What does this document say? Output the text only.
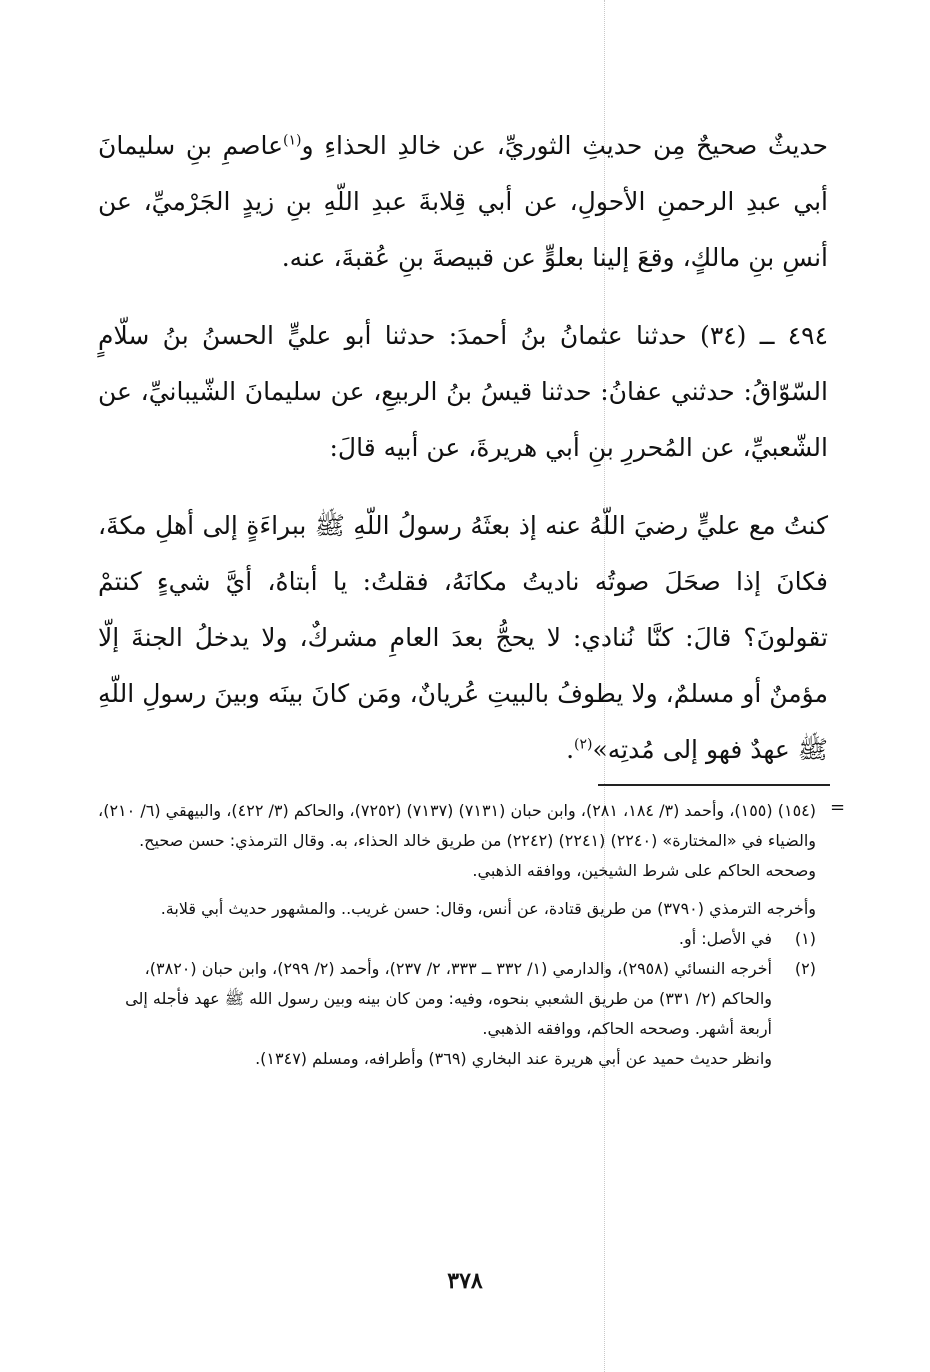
حديثٌ صحيحٌ مِن حديثِ الثوريِّ، عن خالدِ الحذاءِ و$^{(١)}$عاصمِ بنِ سليمانَ أبي عبدِ الرحمنِ الأحولِ، عن أبي قِلابةَ عبدِ اللّهِ بنِ زيدٍ الجَرْميِّ، عن أنسِ بنِ مالكٍ، وقعَ إلينا بعلوٍّ عن قبيصةَ بنِ عُقبةَ، عنه.

٤٩٤ ــ (٣٤) حدثنا عثمانُ بنُ أحمدَ: حدثنا أبو عليٍّ الحسنُ بنُ سلّامٍ السّوّاقُ: حدثني عفانُ: حدثنا قيسُ بنُ الربيعِ، عن سليمانَ الشّيبانيِّ، عن الشّعبيِّ، عن المُحررِ بنِ أبي هريرةَ، عن أبيه قالَ:

كنتُ مع عليٍّ رضيَ اللّهُ عنه إذ بعثَهُ رسولُ اللّهِ ﷺ ببراءَةٍ إلى أهلِ مكةَ، فكانَ إذا صحَلَ صوتُه ناديتُ مكانَهُ، فقلتُ: يا أبتاهُ، أيَّ شيءٍ كنتمْ تقولونَ؟ قالَ: كنَّا نُنادي: لا يحجُّ بعدَ العامِ مشركٌ، ولا يدخلُ الجنةَ إلّا مؤمنٌ أو مسلمٌ، ولا يطوفُ بالبيتِ عُريانٌ، ومَن كانَ بينَه وبينَ رسولِ اللّهِ ﷺ عهدٌ فهو إلى مُدتِه»$^{(٢)}$.

=

(١٥٤) (١٥٥)، وأحمد (٣/ ١٨٤، ٢٨١)، وابن حبان (٧١٣١) (٧١٣٧) (٧٢٥٢)، والحاكم (٣/ ٤٢٢)، والبيهقي (٦/ ٢١٠)، والضياء في «المختارة» (٢٢٤٠) (٢٢٤١) (٢٢٤٢) من طريق خالد الحذاء، به. وقال الترمذي: حسن صحيح. وصححه الحاكم على شرط الشيخين، ووافقه الذهبي.

وأخرجه الترمذي (٣٧٩٠) من طريق قتادة، عن أنس، وقال: حسن غريب.. والمشهور حديث أبي قلابة.

(١)
في الأصل: أو.
(٢)
أخرجه النسائي (٢٩٥٨)، والدارمي (١/ ٣٣٢ ــ ٣٣٣، ٢/ ٢٣٧)، وأحمد (٢/ ٢٩٩)، وابن حبان (٣٨٢٠)، والحاكم (٢/ ٣٣١) من طريق الشعبي بنحوه، وفيه: ومن كان بينه وبين رسول الله ﷺ عهد فأجله إلى أربعة أشهر. وصححه الحاكم، ووافقه الذهبي.
وانظر حديث حميد عن أبي هريرة عند البخاري (٣٦٩) وأطرافه، ومسلم (١٣٤٧).
٣٧٨
